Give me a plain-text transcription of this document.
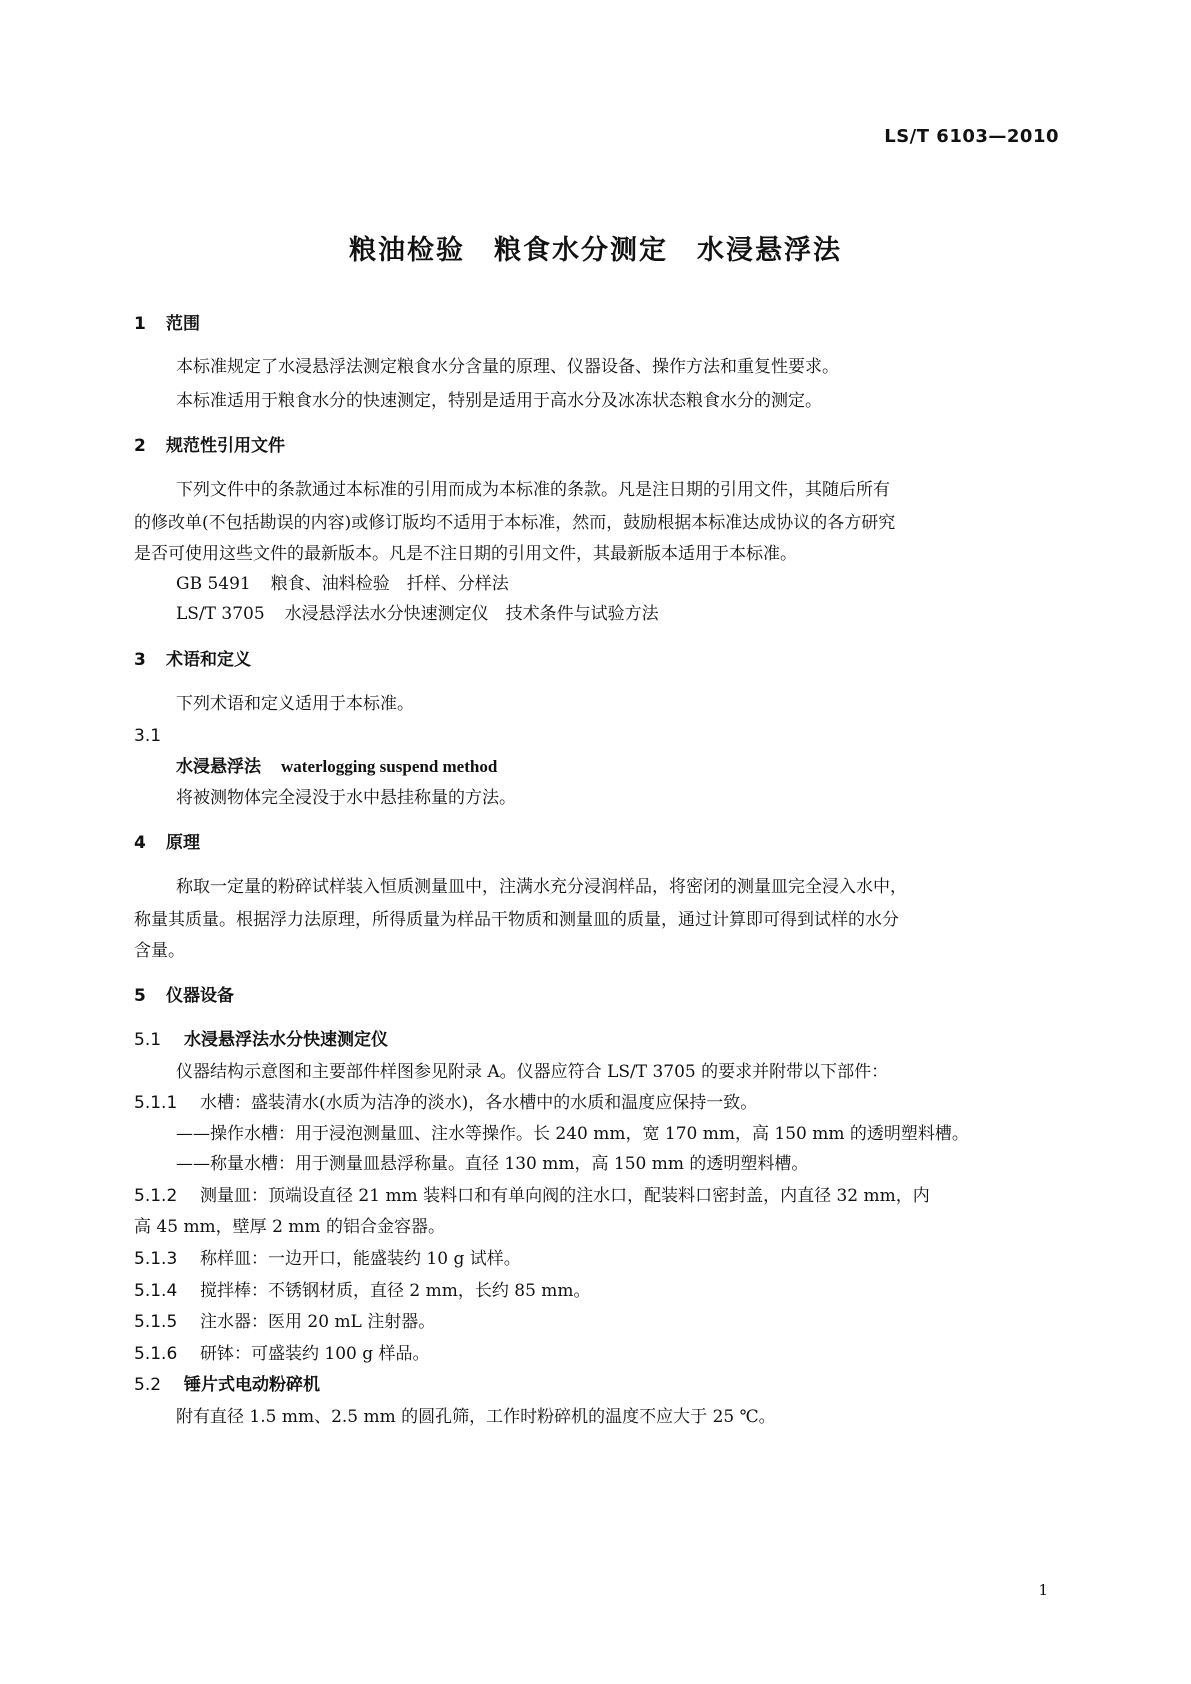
LS/T 6103—2010
粮油检验　粮食水分测定　水浸悬浮法
1 范围
本标准规定了水浸悬浮法测定粮食水分含量的原理、仪器设备、操作方法和重复性要求。
本标准适用于粮食水分的快速测定，特别是适用于高水分及冰冻状态粮食水分的测定。
2 规范性引用文件
下列文件中的条款通过本标准的引用而成为本标准的条款。凡是注日期的引用文件，其随后所有
的修改单(不包括勘误的内容)或修订版均不适用于本标准，然而，鼓励根据本标准达成协议的各方研究
是否可使用这些文件的最新版本。凡是不注日期的引用文件，其最新版本适用于本标准。
GB 5491 粮食、油料检验　扦样、分样法
LS/T 3705 水浸悬浮法水分快速测定仪　技术条件与试验方法
3 术语和定义
下列术语和定义适用于本标准。
3.1
水浸悬浮法 waterlogging suspend method
将被测物体完全浸没于水中悬挂称量的方法。
4 原理
称取一定量的粉碎试样装入恒质测量皿中，注满水充分浸润样品，将密闭的测量皿完全浸入水中，
称量其质量。根据浮力法原理，所得质量为样品干物质和测量皿的质量，通过计算即可得到试样的水分
含量。
5 仪器设备
5.1 水浸悬浮法水分快速测定仪
仪器结构示意图和主要部件样图参见附录 A。仪器应符合 LS/T 3705 的要求并附带以下部件：
5.1.1 水槽：盛装清水(水质为洁净的淡水)，各水槽中的水质和温度应保持一致。
——操作水槽：用于浸泡测量皿、注水等操作。长 240 mm，宽 170 mm，高 150 mm 的透明塑料槽。
——称量水槽：用于测量皿悬浮称量。直径 130 mm，高 150 mm 的透明塑料槽。
5.1.2 测量皿：顶端设直径 21 mm 装料口和有单向阀的注水口，配装料口密封盖，内直径 32 mm，内
高 45 mm，壁厚 2 mm 的铝合金容器。
5.1.3 称样皿：一边开口，能盛装约 10 g 试样。
5.1.4 搅拌棒：不锈钢材质，直径 2 mm，长约 85 mm。
5.1.5 注水器：医用 20 mL 注射器。
5.1.6 研钵：可盛装约 100 g 样品。
5.2 锤片式电动粉碎机
附有直径 1.5 mm、2.5 mm 的圆孔筛，工作时粉碎机的温度不应大于 25 ℃。
1
